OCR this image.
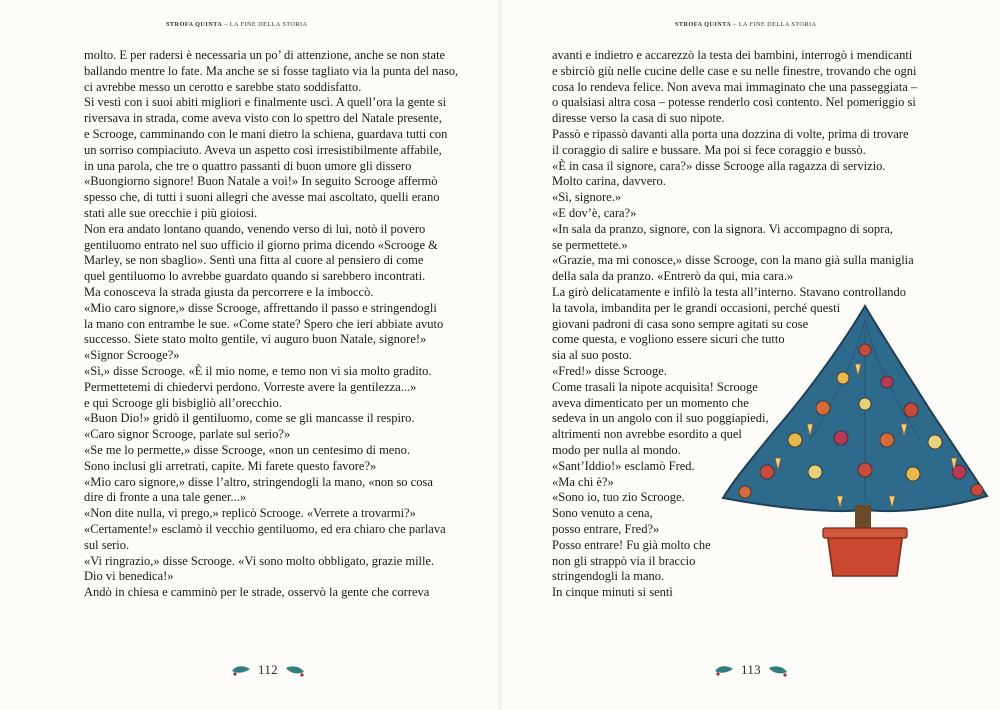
STROFA QUINTA – LA FINE DELLA STORIA
molto. E per radersi è necessaria un po’ di attenzione, anche se non state
ballando mentre lo fate. Ma anche se si fosse tagliato via la punta del naso,
ci avrebbe messo un cerotto e sarebbe stato soddisfatto.
Si vestì con i suoi abiti migliori e finalmente uscì. A quell’ora la gente si
riversava in strada, come aveva visto con lo spettro del Natale presente,
e Scrooge, camminando con le mani dietro la schiena, guardava tutti con
un sorriso compiaciuto. Aveva un aspetto così irresistibilmente affabile,
in una parola, che tre o quattro passanti di buon umore gli dissero
«Buongiorno signore! Buon Natale a voi!» In seguito Scrooge affermò
spesso che, di tutti i suoni allegri che avesse mai ascoltato, quelli erano
stati alle sue orecchie i più gioiosi.
Non era andato lontano quando, venendo verso di lui, notò il povero
gentiluomo entrato nel suo ufficio il giorno prima dicendo «Scrooge &
Marley, se non sbaglio». Sentì una fitta al cuore al pensiero di come
quel gentiluomo lo avrebbe guardato quando si sarebbero incontrati.
Ma conosceva la strada giusta da percorrere e la imboccò.
«Mio caro signore,» disse Scrooge, affrettando il passo e stringendogli
la mano con entrambe le sue. «Come state? Spero che ieri abbiate avuto
successo. Siete stato molto gentile, vi auguro buon Natale, signore!»
«Signor Scrooge?»
«Sì,» disse Scrooge. «È il mio nome, e temo non vi sia molto gradito.
Permettetemi di chiedervi perdono. Vorreste avere la gentilezza...»
e qui Scrooge gli bisbigliò all’orecchio.
«Buon Dio!» gridò il gentiluomo, come se gli mancasse il respiro.
«Caro signor Scrooge, parlate sul serio?»
«Se me lo permette,» disse Scrooge, «non un centesimo di meno.
Sono inclusi gli arretrati, capite. Mi farete questo favore?»
«Mio caro signore,» disse l’altro, stringendogli la mano, «non so cosa
dire di fronte a una tale gener...»
«Non dite nulla, vi prego,» replicò Scrooge. «Verrete a trovarmi?»
«Certamente!» esclamò il vecchio gentiluomo, ed era chiaro che parlava
sul serio.
«Vi ringrazio,» disse Scrooge. «Vi sono molto obbligato, grazie mille.
Dio vi benedica!»
Andò in chiesa e camminò per le strade, osservò la gente che correva
112
STROFA QUINTA – LA FINE DELLA STORIA
avanti e indietro e accarezzò la testa dei bambini, interrogò i mendicanti
e sbirciò giù nelle cucine delle case e su nelle finestre, trovando che ogni
cosa lo rendeva felice. Non aveva mai immaginato che una passeggiata –
o qualsiasi altra cosa – potesse renderlo così contento. Nel pomeriggio si
diresse verso la casa di suo nipote.
Passò e ripassò davanti alla porta una dozzina di volte, prima di trovare
il coraggio di salire e bussare. Ma poi si fece coraggio e bussò.
«È in casa il signore, cara?» disse Scrooge alla ragazza di servizio.
Molto carina, davvero.
«Sì, signore.»
«E dov’è, cara?»
«In sala da pranzo, signore, con la signora. Vi accompagno di sopra,
se permettete.»
«Grazie, ma mi conosce,» disse Scrooge, con la mano già sulla maniglia
della sala da pranzo. «Entrerò da qui, mia cara.»
La girò delicatamente e infilò la testa all’interno. Stavano controllando
la tavola, imbandita per le grandi occasioni, perché questi
giovani padroni di casa sono sempre agitati su cose
come questa, e vogliono essere sicuri che tutto
sia al suo posto.
«Fred!» disse Scrooge.
Come trasalì la nipote acquisita! Scrooge
aveva dimenticato per un momento che
sedeva in un angolo con il suo poggiapiedi,
altrimenti non avrebbe esordito a quel
modo per nulla al mondo.
«Sant’Iddio!» esclamò Fred.
«Ma chi è?»
«Sono io, tuo zio Scrooge.
Sono venuto a cena,
posso entrare, Fred?»
Posso entrare! Fu già molto che
non gli strappò via il braccio
stringendogli la mano.
In cinque minuti si sentì
113
